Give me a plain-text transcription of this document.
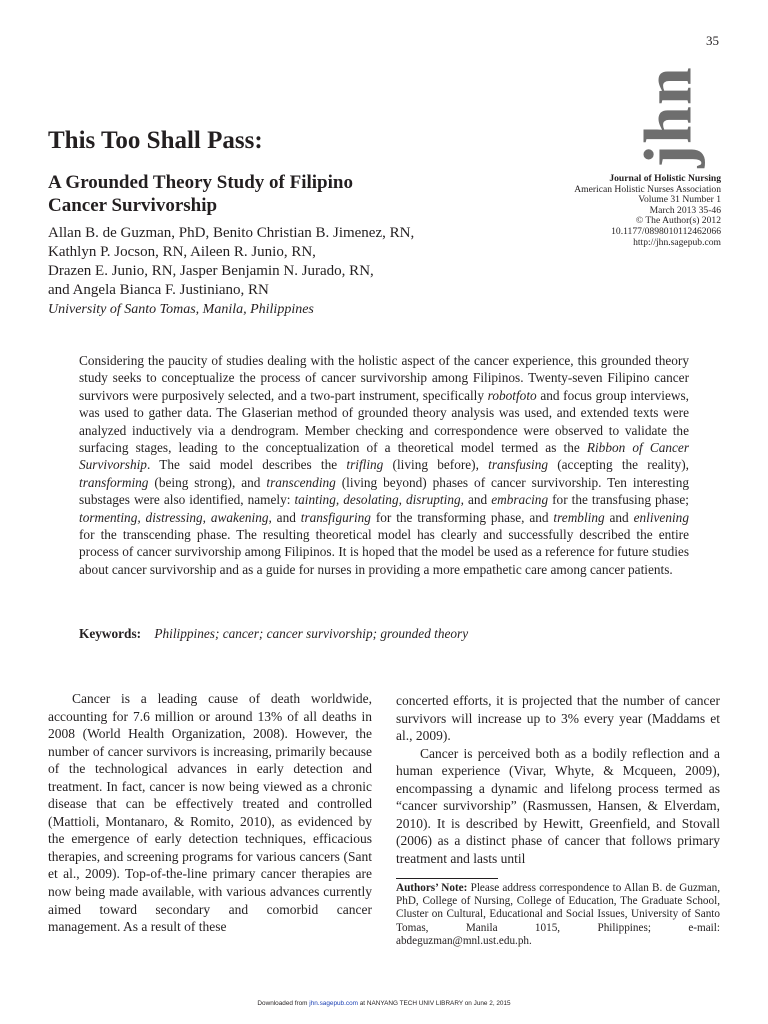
35
jhn
This Too Shall Pass:
A Grounded Theory Study of Filipino Cancer Survivorship
Journal of Holistic Nursing
American Holistic Nurses Association
Volume 31 Number 1
March 2013 35-46
© The Author(s) 2012
10.1177/0898010112462066
http://jhn.sagepub.com
Allan B. de Guzman, PhD, Benito Christian B. Jimenez, RN,
Kathlyn P. Jocson, RN, Aileen R. Junio, RN,
Drazen E. Junio, RN, Jasper Benjamin N. Jurado, RN,
and Angela Bianca F. Justiniano, RN
University of Santo Tomas, Manila, Philippines

Considering the paucity of studies dealing with the holistic aspect of the cancer experience, this grounded theory study seeks to conceptualize the process of cancer survivorship among Filipinos. Twenty-seven Filipino cancer survivors were purposively selected, and a two-part instrument, specifically robotfoto and focus group interviews, was used to gather data. The Glaserian method of grounded theory analysis was used, and extended texts were analyzed inductively via a dendrogram. Member checking and correspondence were observed to validate the surfacing stages, leading to the conceptualization of a theoretical model termed as the Ribbon of Cancer Survivorship. The said model describes the trifling (living before), transfusing (accepting the reality), transforming (being strong), and transcending (living beyond) phases of cancer survivorship. Ten interesting substages were also identified, namely: tainting, desolating, disrupting, and embracing for the transfusing phase; tormenting, distressing, awakening, and transfiguring for the transforming phase, and trembling and enlivening for the transcending phase. The resulting theoretical model has clearly and successfully described the entire process of cancer survivorship among Filipinos. It is hoped that the model be used as a reference for future studies about cancer survivorship and as a guide for nurses in providing a more empathetic care among cancer patients.

Keywords: Philippines; cancer; cancer survivorship; grounded theory

Cancer is a leading cause of death worldwide, accounting for 7.6 million or around 13% of all deaths in 2008 (World Health Organization, 2008). However, the number of cancer survivors is increasing, primarily because of the technological advances in early detection and treatment. In fact, cancer is now being viewed as a chronic disease that can be effectively treated and controlled (Mattioli, Montanaro, & Romito, 2010), as evidenced by the emergence of early detection techniques, efficacious therapies, and screening programs for various cancers (Sant et al., 2009). Top-of-the-line primary cancer therapies are now being made available, with various advances currently aimed toward secondary and comorbid cancer management. As a result of these

concerted efforts, it is projected that the number of cancer survivors will increase up to 3% every year (Maddams et al., 2009).

Cancer is perceived both as a bodily reflection and a human experience (Vivar, Whyte, & Mcqueen, 2009), encompassing a dynamic and lifelong process termed as “cancer survivorship” (Rasmussen, Hansen, & Elverdam, 2010). It is described by Hewitt, Greenfield, and Stovall (2006) as a distinct phase of cancer that follows primary treatment and lasts until

Authors’ Note: Please address correspondence to Allan B. de Guzman, PhD, College of Nursing, College of Education, The Graduate School, Cluster on Cultural, Educational and Social Issues, University of Santo Tomas, Manila 1015, Philippines; e-mail: abdeguzman@mnl.ust.edu.ph.

Downloaded from jhn.sagepub.com at NANYANG TECH UNIV LIBRARY on June 2, 2015
